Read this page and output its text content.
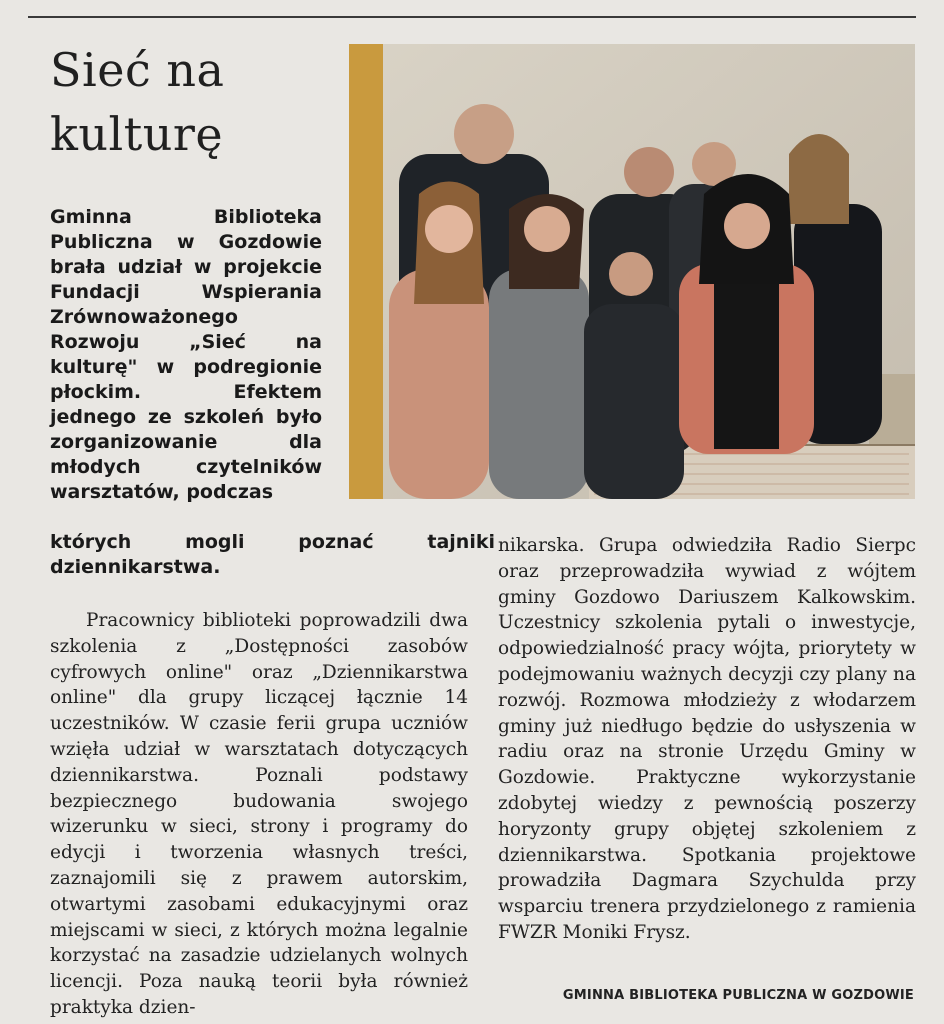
Sieć na
kulturę
Gminna Biblioteka Publiczna w Gozdowie brała udział w projekcie Fundacji Wspierania Zrównoważonego Rozwoju „Sieć na kulturę" w podregionie płockim. Efektem jednego ze szkoleń było zorganizowanie dla młodych czytelników warsztatów, podczas
których mogli poznać tajniki dziennikarstwa.
Pracownicy biblioteki poprowadzili dwa szkolenia z „Dostępności zasobów cyfrowych online" oraz „Dziennikarstwa online" dla grupy liczącej łącznie 14 uczestników. W czasie ferii grupa uczniów wzięła udział w warsztatach dotyczących dziennikarstwa. Poznali podstawy bezpiecznego budowania swojego wizerunku w sieci, strony i programy do edycji i tworzenia własnych treści, zaznajomili się z prawem autorskim, otwartymi zasobami edukacyjnymi oraz miejscami w sieci, z których można legalnie korzystać na zasadzie udzielanych wolnych licencji. Poza nauką teorii była również praktyka dzien-
nikarska. Grupa odwiedziła Radio Sierpc oraz przeprowadziła wywiad z wójtem gminy Gozdowo Dariuszem Kalkowskim. Uczestnicy szkolenia pytali o inwestycje, odpowiedzialność pracy wójta, priorytety w podejmowaniu ważnych decyzji czy plany na rozwój. Rozmowa młodzieży z włodarzem gminy już niedługo będzie do usłyszenia w radiu oraz na stronie Urzędu Gminy w Gozdowie. Praktyczne wykorzystanie zdobytej wiedzy z pewnością poszerzy horyzonty grupy objętej szkoleniem z dziennikarstwa. Spotkania projektowe prowadziła Dagmara Szychulda przy wsparciu trenera przydzielonego z ramienia FWZR Moniki Frysz.
GMINNA BIBLIOTEKA PUBLICZNA W GOZDOWIE
